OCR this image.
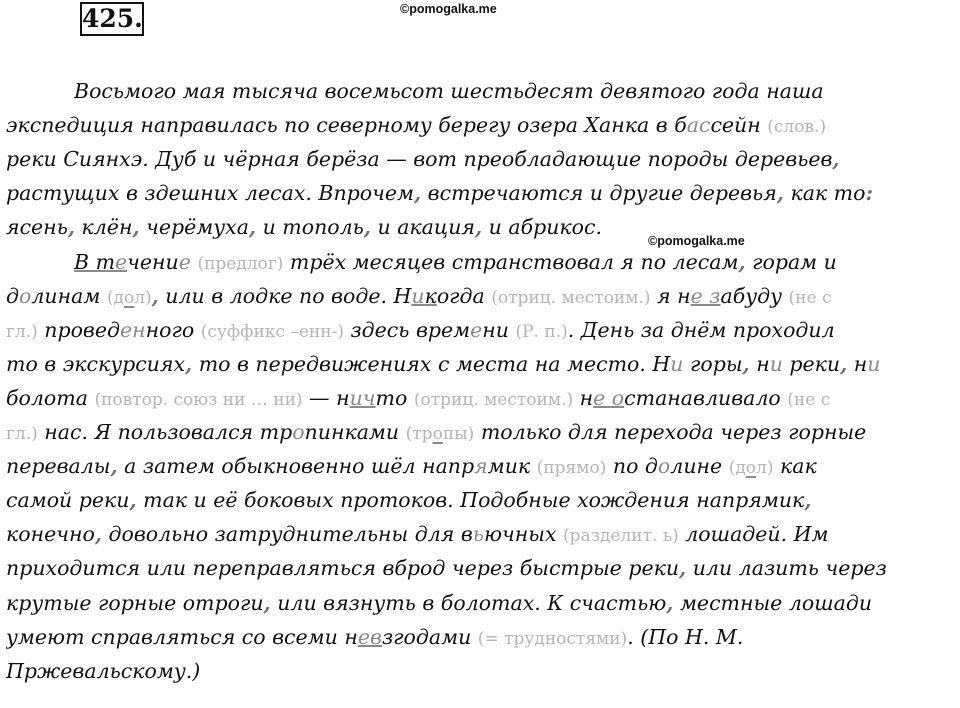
425.	©pomogalka.me
©pomogalka.me
Восьмого мая тысяча восемьсот шестьдесят девятого года наша
экспедиция направилась по северному берегу озера Ханка в бассейн (слов.)
реки Сиянхэ. Дуб и чёрная берёза — вот преобладающие породы деревьев,
растущих в здешних лесах. Впрочем, встречаются и другие деревья, как то:
ясень, клён, черёмуха, и тополь, и акация, и абрикос.
В течение (предлог) трёх месяцев странствовал я по лесам, горам и
долинам (дол), или в лодке по воде. Никогда (отриц. местоим.) я не забуду (не с
гл.) проведенного (суффикс –енн-) здесь времени (Р. п.). День за днём проходил
то в экскурсиях, то в передвижениях с места на место. Ни горы, ни реки, ни
болота (повтор. союз ни … ни) — ничто (отриц. местоим.) не останавливало (не с
гл.) нас. Я пользовался тропинками (тропы) только для перехода через горные
перевалы, а затем обыкновенно шёл напрямик (прямо) по долине (дол) как
самой реки, так и её боковых протоков. Подобные хождения напрямик,
конечно, довольно затруднительны для вьючных (разделит. ь) лошадей. Им
приходится или переправляться вброд через быстрые реки, или лазить через
крутые горные отроги, или вязнуть в болотах. К счастью, местные лошади
умеют справляться со всеми невзгодами (= трудностями). (По Н. М.
Пржевальскому.)
